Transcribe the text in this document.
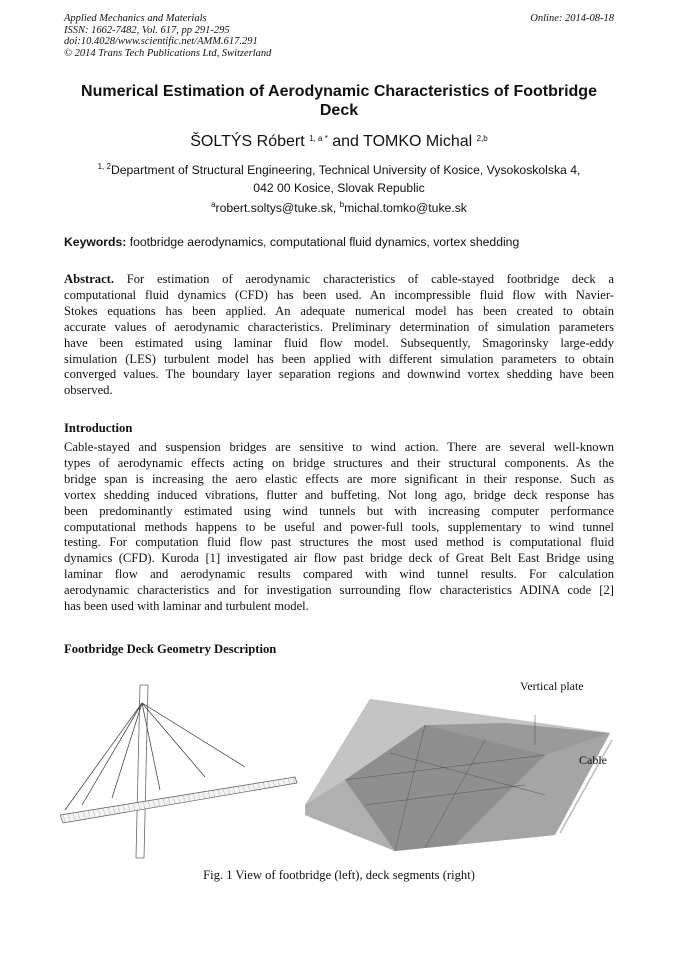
Applied Mechanics and Materials
ISSN: 1662-7482, Vol. 617, pp 291-295
doi:10.4028/www.scientific.net/AMM.617.291
© 2014 Trans Tech Publications Ltd, Switzerland
Online: 2014-08-18
Numerical Estimation of Aerodynamic Characteristics of Footbridge Deck
ŠOLTÝS Róbert $^{1, a *}$ and TOMKO Michal $^{2,b}$
$^{1, 2}$Department of Structural Engineering, Technical University of Kosice, Vysokoskolska 4,
042 00 Kosice, Slovak Republic
$^a$robert.soltys@tuke.sk, $^b$michal.tomko@tuke.sk
Keywords: footbridge aerodynamics, computational fluid dynamics, vortex shedding
Abstract. For estimation of aerodynamic characteristics of cable-stayed footbridge deck a
computational fluid dynamics (CFD) has been used. An incompressible fluid flow with Navier-
Stokes equations has been applied. An adequate numerical model has been created to obtain
accurate values of aerodynamic characteristics. Preliminary determination of simulation parameters
have been estimated using laminar fluid flow model. Subsequently, Smagorinsky large-eddy
simulation (LES) turbulent model has been applied with different simulation parameters to obtain
converged values. The boundary layer separation regions and downwind vortex shedding have been
observed.
Introduction
Cable-stayed and suspension bridges are sensitive to wind action. There are several well-known
types of aerodynamic effects acting on bridge structures and their structural components. As the
bridge span is increasing the aero elastic effects are more significant in their response. Such as
vortex shedding induced vibrations, flutter and buffeting. Not long ago, bridge deck response has
been predominantly estimated using wind tunnels but with increasing computer performance
computational methods happens to be useful and power-full tools, supplementary to wind tunnel
testing. For computation fluid flow past structures the most used method is computational fluid
dynamics (CFD). Kuroda [1] investigated air flow past bridge deck of Great Belt East Bridge using
laminar flow and aerodynamic results compared with wind tunnel results. For calculation
aerodynamic characteristics and for investigation surrounding flow characteristics ADINA code [2]
has been used with laminar and turbulent model.
Footbridge Deck Geometry Description
Vertical plate
Cable
Fig. 1 View of footbridge (left), deck segments (right)
